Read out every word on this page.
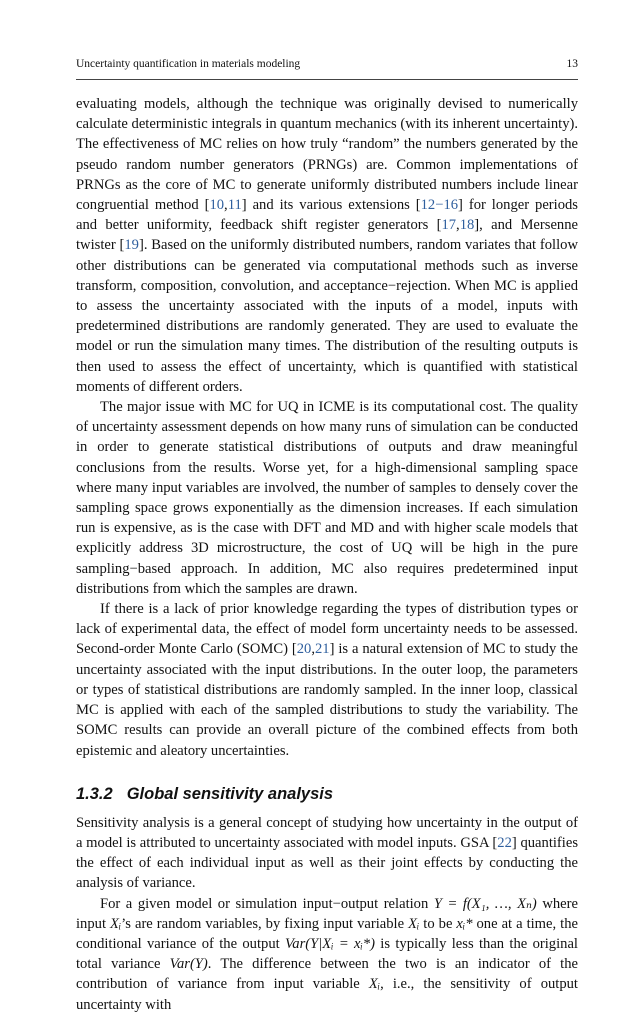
Uncertainty quantification in materials modeling	13

evaluating models, although the technique was originally devised to numerically calculate deterministic integrals in quantum mechanics (with its inherent uncertainty). The effectiveness of MC relies on how truly “random” the numbers generated by the pseudo random number generators (PRNGs) are. Common implementations of PRNGs as the core of MC to generate uniformly distributed numbers include linear congruential method [10,11] and its various extensions [12−16] for longer periods and better uniformity, feedback shift register generators [17,18], and Mersenne twister [19]. Based on the uniformly distributed numbers, random variates that follow other distributions can be generated via computational methods such as inverse transform, composition, convolution, and acceptance−rejection. When MC is applied to assess the uncertainty associated with the inputs of a model, inputs with predetermined distributions are randomly generated. They are used to evaluate the model or run the simulation many times. The distribution of the resulting outputs is then used to assess the effect of uncertainty, which is quantified with statistical moments of different orders.

The major issue with MC for UQ in ICME is its computational cost. The quality of uncertainty assessment depends on how many runs of simulation can be conducted in order to generate statistical distributions of outputs and draw meaningful conclusions from the results. Worse yet, for a high-dimensional sampling space where many input variables are involved, the number of samples to densely cover the sampling space grows exponentially as the dimension increases. If each simulation run is expensive, as is the case with DFT and MD and with higher scale models that explicitly address 3D microstructure, the cost of UQ will be high in the pure sampling−based approach. In addition, MC also requires predetermined input distributions from which the samples are drawn.

If there is a lack of prior knowledge regarding the types of distribution types or lack of experimental data, the effect of model form uncertainty needs to be assessed. Second-order Monte Carlo (SOMC) [20,21] is a natural extension of MC to study the uncertainty associated with the input distributions. In the outer loop, the parameters or types of statistical distributions are randomly sampled. In the inner loop, classical MC is applied with each of the sampled distributions to study the variability. The SOMC results can provide an overall picture of the combined effects from both epistemic and aleatory uncertainties.

1.3.2 Global sensitivity analysis

Sensitivity analysis is a general concept of studying how uncertainty in the output of a model is attributed to uncertainty associated with model inputs. GSA [22] quantifies the effect of each individual input as well as their joint effects by conducting the analysis of variance.

For a given model or simulation input−output relation Y = f(X₁, …, Xₙ) where input Xᵢ’s are random variables, by fixing input variable Xᵢ to be xᵢ* one at a time, the conditional variance of the output Var(Y|Xᵢ = xᵢ*) is typically less than the original total variance Var(Y). The difference between the two is an indicator of the contribution of variance from input variable Xᵢ, i.e., the sensitivity of output uncertainty with
